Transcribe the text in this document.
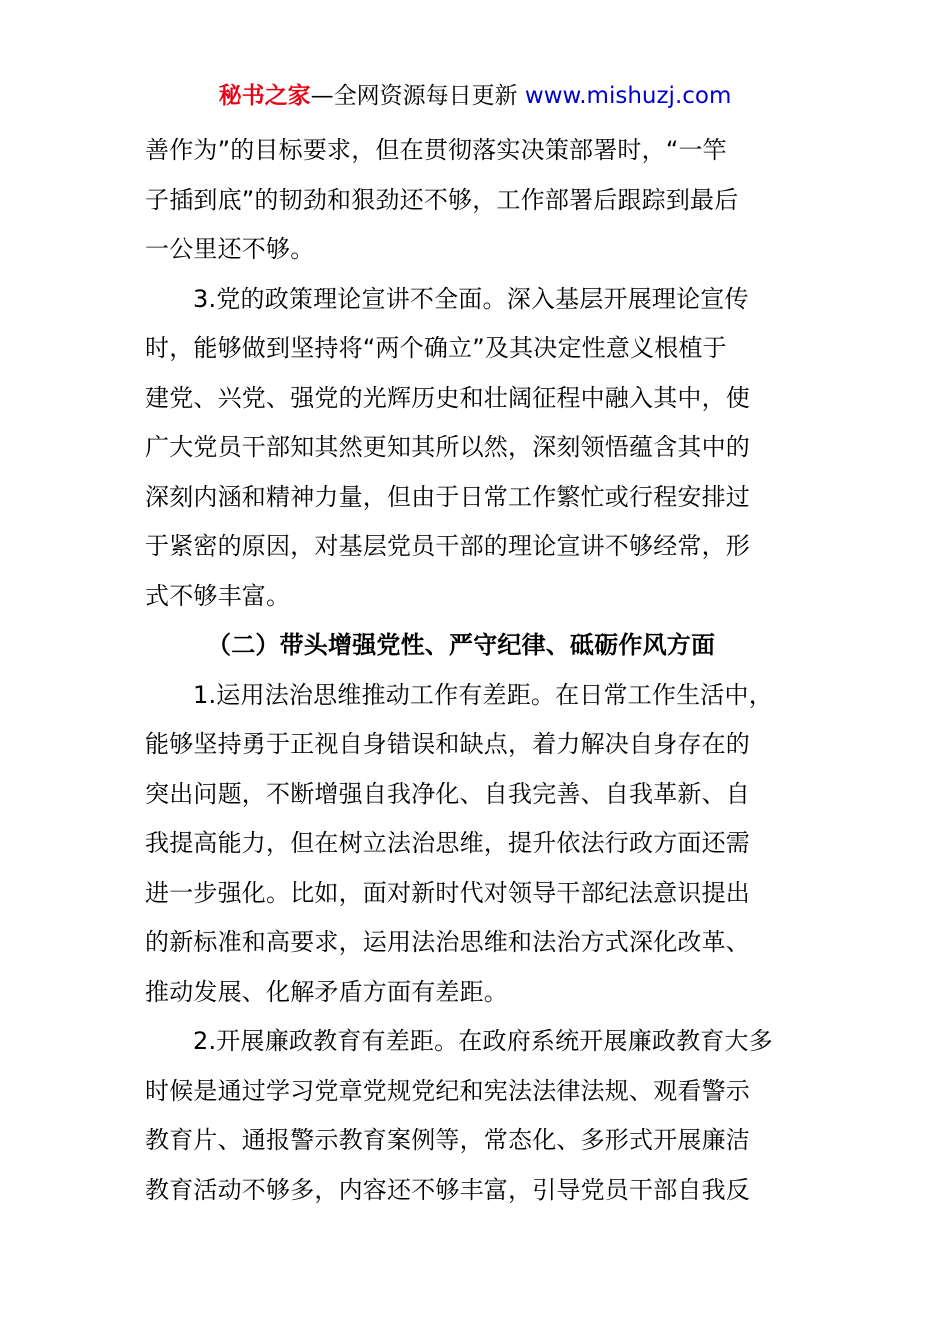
秘书之家—全网资源每日更新 www.mishuzj.com
善作为”的目标要求，但在贯彻落实决策部署时，“一竿
子插到底”的韧劲和狠劲还不够，工作部署后跟踪到最后
一公里还不够。
3.党的政策理论宣讲不全面。深入基层开展理论宣传
时，能够做到坚持将“两个确立”及其决定性意义根植于
建党、兴党、强党的光辉历史和壮阔征程中融入其中，使
广大党员干部知其然更知其所以然，深刻领悟蕴含其中的
深刻内涵和精神力量，但由于日常工作繁忙或行程安排过
于紧密的原因，对基层党员干部的理论宣讲不够经常，形
式不够丰富。
（二）带头增强党性、严守纪律、砥砺作风方面
1.运用法治思维推动工作有差距。在日常工作生活中，
能够坚持勇于正视自身错误和缺点，着力解决自身存在的
突出问题，不断增强自我净化、自我完善、自我革新、自
我提高能力，但在树立法治思维，提升依法行政方面还需
进一步强化。比如，面对新时代对领导干部纪法意识提出
的新标准和高要求，运用法治思维和法治方式深化改革、
推动发展、化解矛盾方面有差距。
2.开展廉政教育有差距。在政府系统开展廉政教育大多
时候是通过学习党章党规党纪和宪法法律法规、观看警示
教育片、通报警示教育案例等，常态化、多形式开展廉洁
教育活动不够多，内容还不够丰富，引导党员干部自我反
